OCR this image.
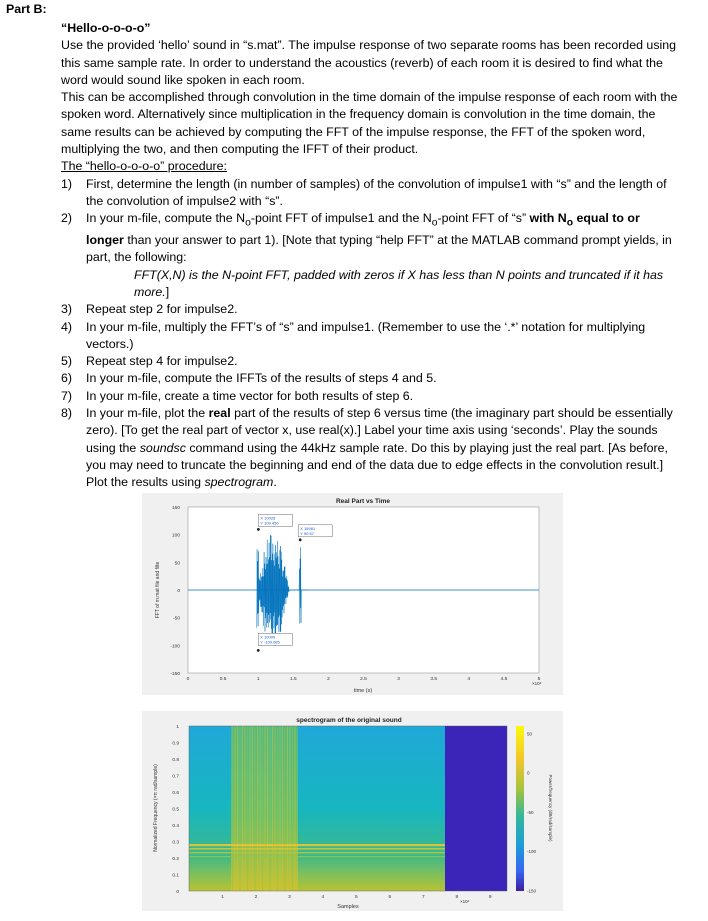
Part B:

“Hello-o-o-o-o”

Use the provided ‘hello’ sound in “s.mat”. The impulse response of two separate rooms has been recorded using this same sample rate. In order to understand the acoustics (reverb) of each room it is desired to find what the word would sound like spoken in each room.

This can be accomplished through convolution in the time domain of the impulse response of each room with the spoken word. Alternatively since multiplication in the frequency domain is convolution in the time domain, the same results can be achieved by computing the FFT of the impulse response, the FFT of the spoken word, multiplying the two, and then computing the IFFT of their product.

The “hello-o-o-o-o” procedure:

1) First, determine the length (in number of samples) of the convolution of impulse1 with “s” and the length of the convolution of impulse2 with “s”.
2) In your m-file, compute the $N_o$-point FFT of impulse1 and the $N_o$-point FFT of “s” with $N_o$ equal to or longer than your answer to part 1). [Note that typing “help FFT” at the MATLAB command prompt yields, in part, the following:
FFT(X,N) is the N-point FFT, padded with zeros if X has less than N points and truncated if it has more.]
3) Repeat step 2 for impulse2.
4) In your m-file, multiply the FFT’s of “s” and impulse1. (Remember to use the ‘.*’ notation for multiplying vectors.)
5) Repeat step 4 for impulse2.
6) In your m-file, compute the IFFTs of the results of steps 4 and 5.
7) In your m-file, create a time vector for both results of step 6.
8) In your m-file, plot the real part of the results of step 6 versus time (the imaginary part should be essentially zero). [To get the real part of vector x, use real(x).] Label your time axis using ‘seconds’. Play the sounds using the soundsc command using the 44kHz sample rate. Do this by playing just the real part. [As before, you may need to truncate the beginning and end of the data due to edge effects in the convolution result.] Plot the results using spectrogram.
Real Part vs Time
time (s)
FFT of m.mat file and filte
×10⁴
0	0.5	1	1.5	2	2.5	3	3.5	4	4.5	5
150
100
50
0
-50
-100
-150
X 10028
Y 109.456
X 15981
Y 90.67
X 10009
Y -109.085
spectrogram of the original sound
Samples
Normalized Frequency (×π rad/sample)
×10⁴
1	2	3	4	5	6	7	8	9
1
0.9
0.8
0.7
0.6
0.5
0.4
0.3
0.2
0.1
0
50
0
-50
-100
-150
Power/frequency (dB/rad/sample)
